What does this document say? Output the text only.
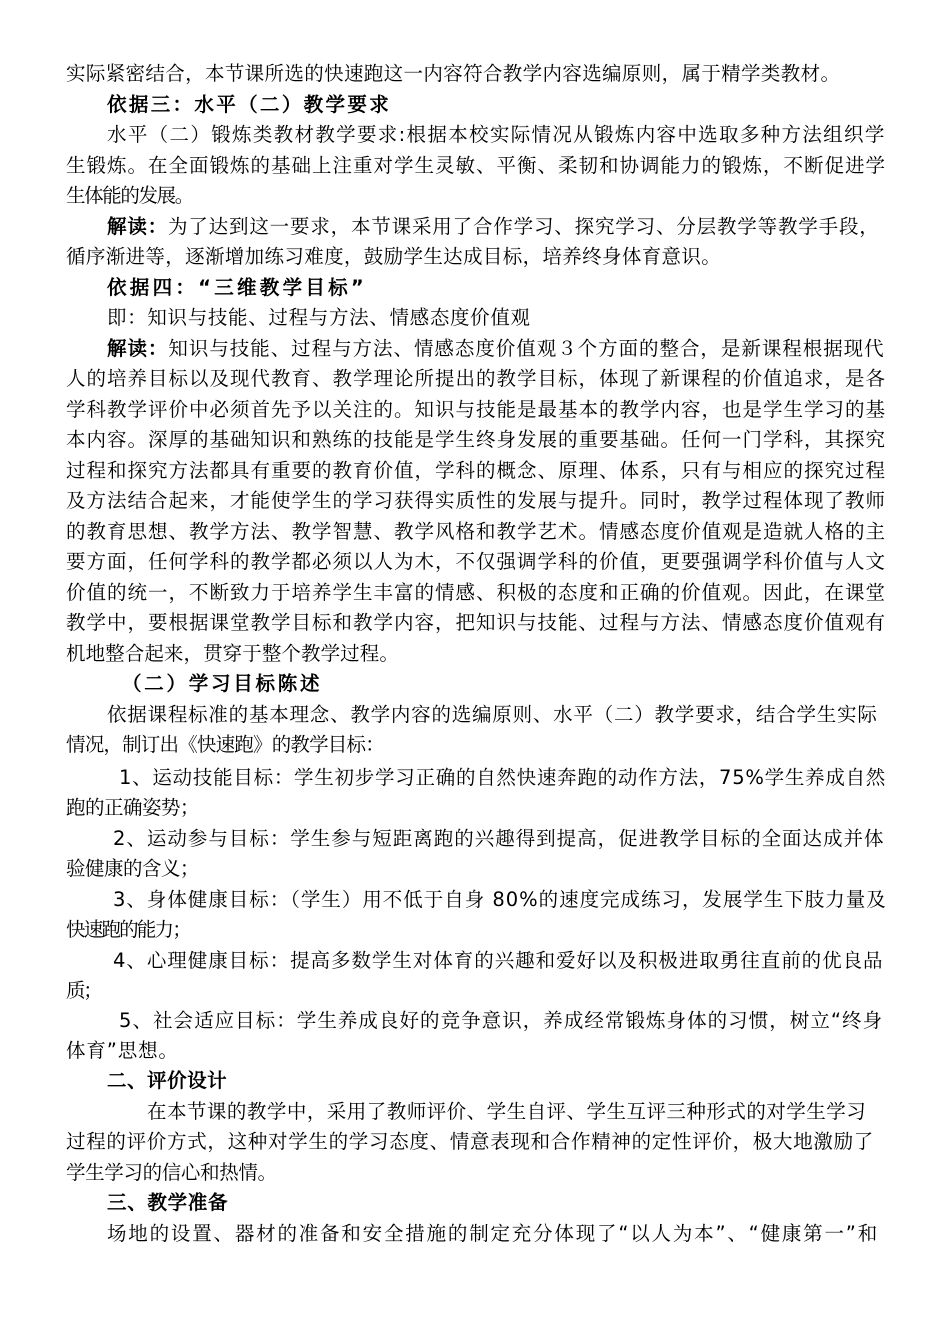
实际紧密结合，本节课所选的快速跑这一内容符合教学内容选编原则，属于精学类教材。
依据三：水平（二）教学要求
水平（二）锻炼类教材教学要求:根据本校实际情况从锻炼内容中选取多种方法组织学
生锻炼。在全面锻炼的基础上注重对学生灵敏、平衡、柔韧和协调能力的锻炼，不断促进学
生体能的发展。
解读：为了达到这一要求，本节课采用了合作学习、探究学习、分层教学等教学手段，
循序渐进等，逐渐增加练习难度，鼓励学生达成目标，培养终身体育意识。
依据四：“三维教学目标”
即：知识与技能、过程与方法、情感态度价值观
解读：知识与技能、过程与方法、情感态度价值观３个方面的整合，是新课程根据现代
人的培养目标以及现代教育、教学理论所提出的教学目标，体现了新课程的价值追求，是各
学科教学评价中必须首先予以关注的。知识与技能是最基本的教学内容，也是学生学习的基
本内容。深厚的基础知识和熟练的技能是学生终身发展的重要基础。任何一门学科，其探究
过程和探究方法都具有重要的教育价值，学科的概念、原理、体系，只有与相应的探究过程
及方法结合起来，才能使学生的学习获得实质性的发展与提升。同时，教学过程体现了教师
的教育思想、教学方法、教学智慧、教学风格和教学艺术。情感态度价值观是造就人格的主
要方面，任何学科的教学都必须以人为木，不仅强调学科的价值，更要强调学科价值与人文
价值的统一，不断致力于培养学生丰富的情感、积极的态度和正确的价值观。因此，在课堂
教学中，要根据课堂教学目标和教学内容，把知识与技能、过程与方法、情感态度价值观有
机地整合起来，贯穿于整个教学过程。
（二）学习目标陈述
依据课程标准的基本理念、教学内容的选编原则、水平（二）教学要求，结合学生实际
情况，制订出《快速跑》的教学目标：
1、运动技能目标：学生初步学习正确的自然快速奔跑的动作方法，75%学生养成自然
跑的正确姿势；
2、运动参与目标：学生参与短距离跑的兴趣得到提高，促进教学目标的全面达成并体
验健康的含义；
3、身体健康目标：（学生）用不低于自身 80%的速度完成练习，发展学生下肢力量及
快速跑的能力；
4、心理健康目标：提高多数学生对体育的兴趣和爱好以及积极进取勇往直前的优良品
质；
5、社会适应目标：学生养成良好的竞争意识，养成经常锻炼身体的习惯，树立“终身
体育”思想。
二、评价设计
在本节课的教学中，采用了教师评价、学生自评、学生互评三种形式的对学生学习
过程的评价方式，这种对学生的学习态度、情意表现和合作精神的定性评价，极大地激励了
学生学习的信心和热情。
三、教学准备
场地的设置、器材的准备和安全措施的制定充分体现了“以人为本”、“健康第一”和
